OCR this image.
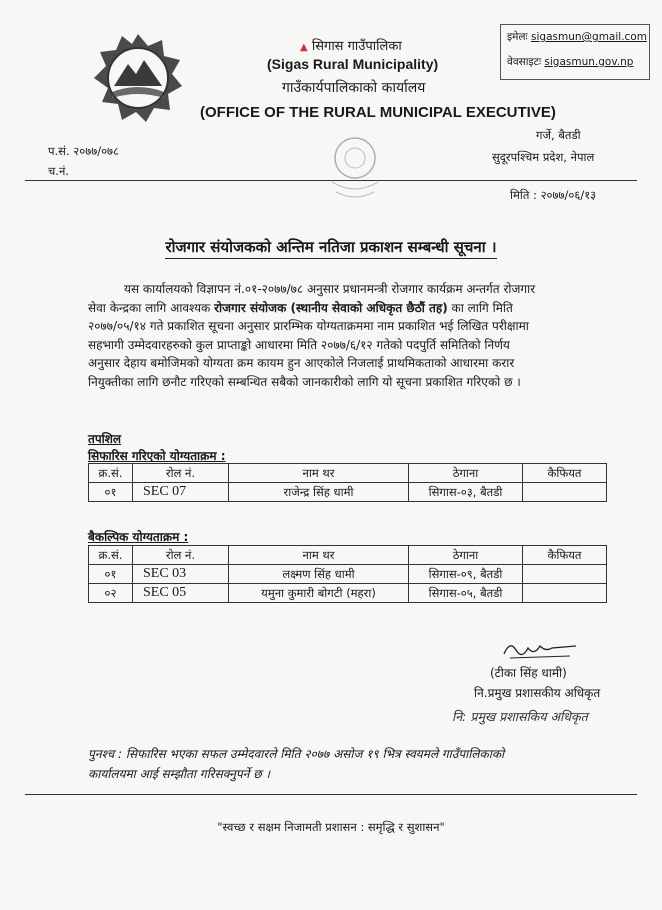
▲ सिगास गाउँपालिका
(Sigas Rural Municipality)
गाउँकार्यपालिकाको कार्यालय
(OFFICE OF THE RURAL MUNICIPAL EXECUTIVE)
इमेलः sigasmun@gmail.com
वेवसाइटः sigasmun.gov.np
गर्जे, बैतडी
सुदूरपश्चिम प्रदेश, नेपाल
प.सं. २०७७/०७८
च.नं.
मिति : २०७७/०६/१३
रोजगार संयोजकको अन्तिम नतिजा प्रकाशन सम्बन्धी सूचना ।
यस कार्यालयको विज्ञापन नं.०१-२०७७/७८ अनुसार प्रधानमन्त्री रोजगार कार्यक्रम अन्तर्गत रोजगार
सेवा केन्द्रका लागि आवश्यक रोजगार संयोजक (स्थानीय सेवाको अधिकृत छैठौं तह) का लागि मिति
२०७७/०५/१४ गते प्रकाशित सूचना अनुसार प्रारम्भिक योग्यताक्रममा नाम प्रकाशित भई लिखित परीक्षामा
सहभागी उम्मेदवारहरुको कुल प्राप्ताङ्को आधारमा मिति २०७७/६/१२ गतेको पदपुर्ति समितिको निर्णय
अनुसार देहाय बमोजिमको योग्यता क्रम कायम हुन आएकोले निजलाई प्राथमिकताको आधारमा करार
नियुक्तीका लागि छनौट गरिएको सम्बन्धित सबैको जानकारीको लागि यो सूचना प्रकाशित गरिएको छ ।
तपशिल
सिफारिस गरिएको योग्यताक्रम :
क्र.सं.	रोल नं.	नाम थर	ठेगाना	कैफियत
०१	SEC 07	राजेन्द्र सिंह धामी	सिगास-०३, बैतडी	
बैकल्पिक योग्यताक्रम :
क्र.सं.	रोल नं.	नाम थर	ठेगाना	कैफियत
०१	SEC 03	लक्ष्मण सिंह धामी	सिगास-०९, बैतडी	
०२	SEC 05	यमुना कुमारी बोगटी (महरा)	सिगास-०५, बैतडी	
(टीका सिंह धामी)
नि.प्रमुख प्रशासकीय अधिकृत
नि: प्रमुख प्रशासकिय अधिकृत
पुनश्च : सिफारिस भएका सफल उम्मेदवारले मिति २०७७ असोज १९ भित्र स्वयमले गाउँपालिकाको
कार्यालयमा आई सम्झौता गरिसक्नुपर्ने छ ।
"स्वच्छ र सक्षम निजामती प्रशासन : समृद्धि र सुशासन"
